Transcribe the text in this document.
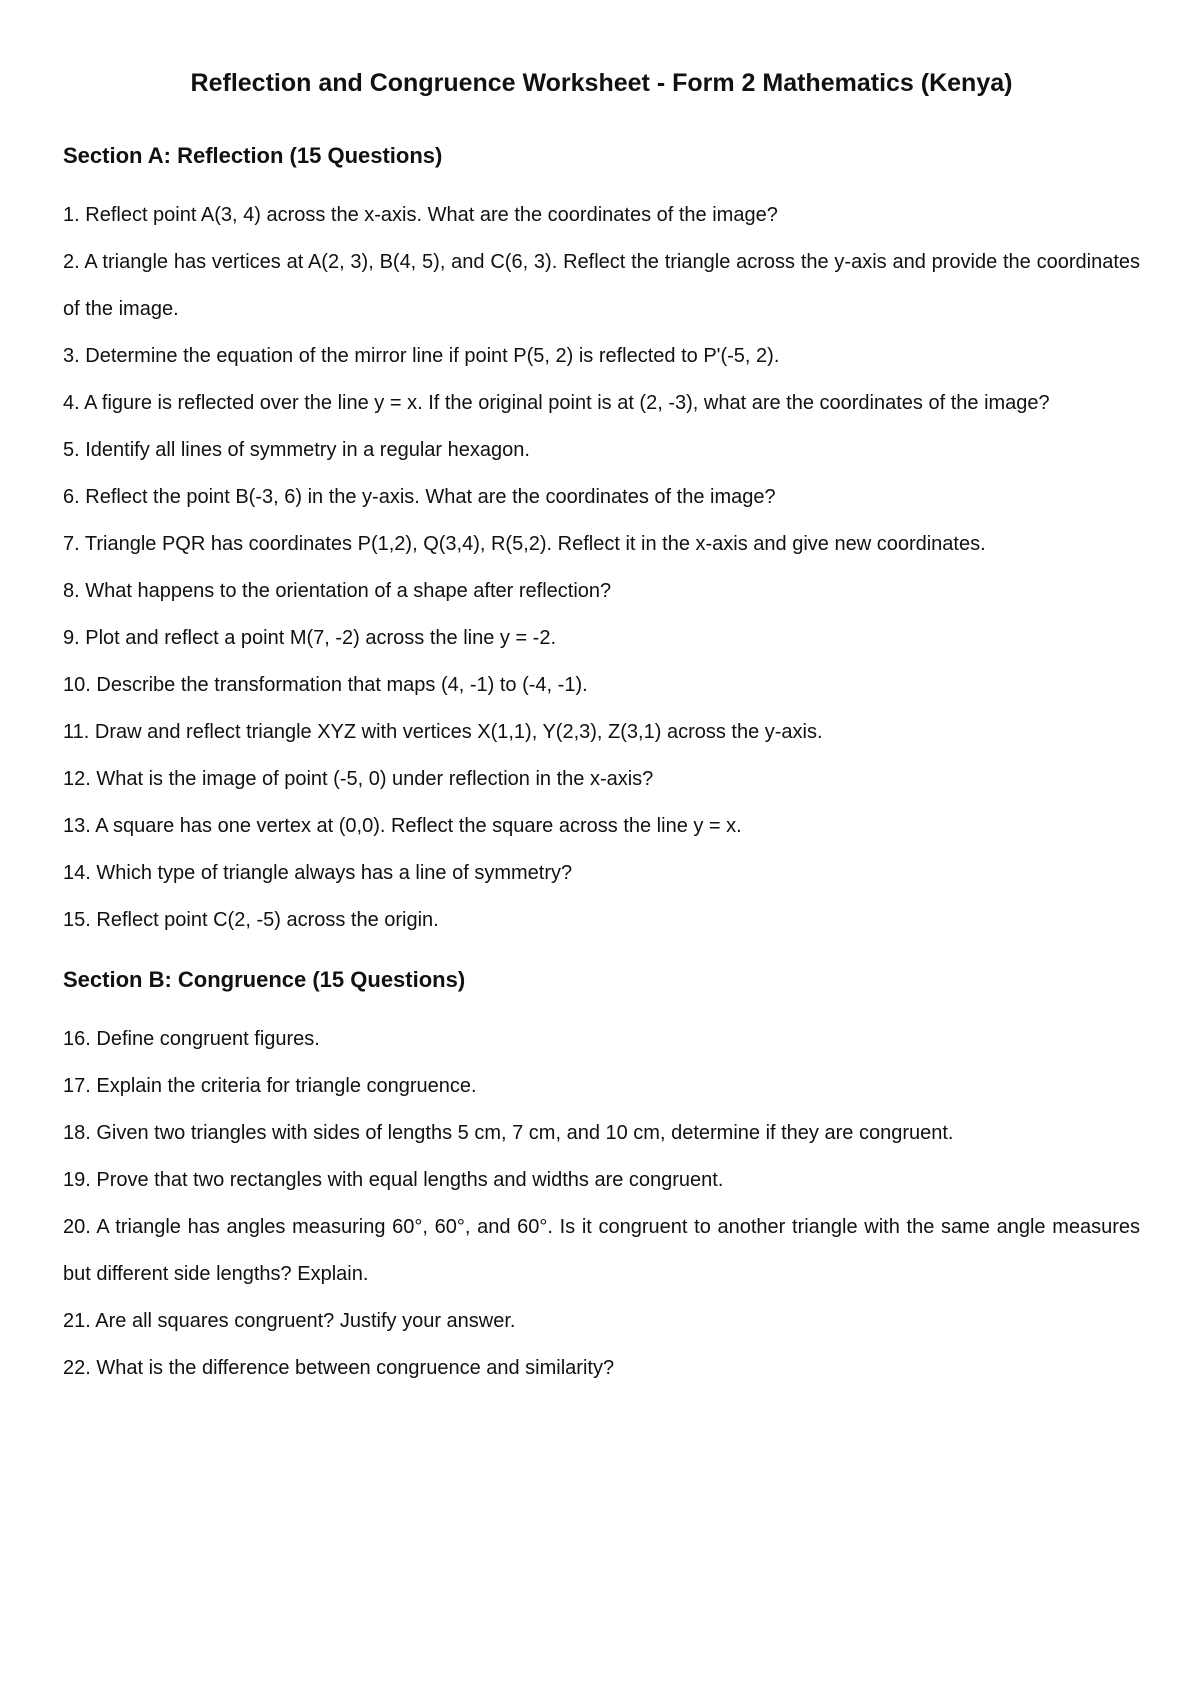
Reflection and Congruence Worksheet - Form 2 Mathematics (Kenya)
Section A: Reflection (15 Questions)
1. Reflect point A(3, 4) across the x-axis. What are the coordinates of the image?
2. A triangle has vertices at A(2, 3), B(4, 5), and C(6, 3). Reflect the triangle across the y-axis and provide the coordinates of the image.
3. Determine the equation of the mirror line if point P(5, 2) is reflected to P'(-5, 2).
4. A figure is reflected over the line y = x. If the original point is at (2, -3), what are the coordinates of the image?
5. Identify all lines of symmetry in a regular hexagon.
6. Reflect the point B(-3, 6) in the y-axis. What are the coordinates of the image?
7. Triangle PQR has coordinates P(1,2), Q(3,4), R(5,2). Reflect it in the x-axis and give new coordinates.
8. What happens to the orientation of a shape after reflection?
9. Plot and reflect a point M(7, -2) across the line y = -2.
10. Describe the transformation that maps (4, -1) to (-4, -1).
11. Draw and reflect triangle XYZ with vertices X(1,1), Y(2,3), Z(3,1) across the y-axis.
12. What is the image of point (-5, 0) under reflection in the x-axis?
13. A square has one vertex at (0,0). Reflect the square across the line y = x.
14. Which type of triangle always has a line of symmetry?
15. Reflect point C(2, -5) across the origin.
Section B: Congruence (15 Questions)
16. Define congruent figures.
17. Explain the criteria for triangle congruence.
18. Given two triangles with sides of lengths 5 cm, 7 cm, and 10 cm, determine if they are congruent.
19. Prove that two rectangles with equal lengths and widths are congruent.
20. A triangle has angles measuring 60°, 60°, and 60°. Is it congruent to another triangle with the same angle measures but different side lengths? Explain.
21. Are all squares congruent? Justify your answer.
22. What is the difference between congruence and similarity?
